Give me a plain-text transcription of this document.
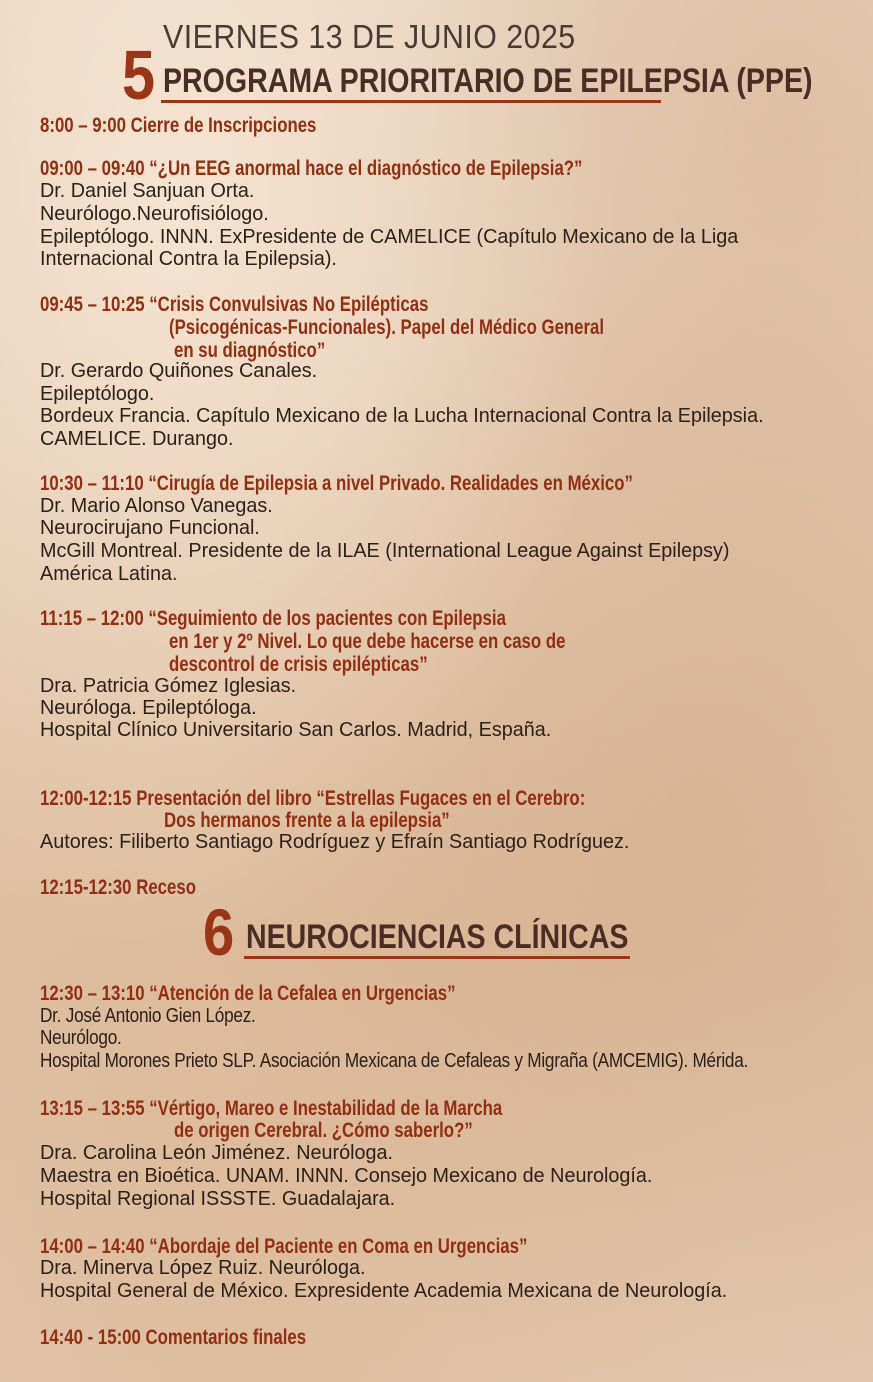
VIERNES 13 DE JUNIO 2025
5 PROGRAMA PRIORITARIO DE EPILEPSIA (PPE)
8:00 – 9:00 Cierre de Inscripciones
09:00 – 09:40 “¿Un EEG anormal hace el diagnóstico de Epilepsia?”
Dr. Daniel Sanjuan Orta.
Neurólogo.Neurofisiólogo.
Epileptólogo. INNN. ExPresidente de CAMELICE (Capítulo Mexicano de la Liga
Internacional Contra la Epilepsia).
09:45 – 10:25 “Crisis Convulsivas No Epilépticas
(Psicogénicas-Funcionales). Papel del Médico General
en su diagnóstico”
Dr. Gerardo Quiñones Canales.
Epileptólogo.
Bordeux Francia. Capítulo Mexicano de la Lucha Internacional Contra la Epilepsia.
CAMELICE. Durango.
10:30 – 11:10 “Cirugía de Epilepsia a nivel Privado. Realidades en México”
Dr. Mario Alonso Vanegas.
Neurocirujano Funcional.
McGill Montreal. Presidente de la ILAE (International League Against Epilepsy)
América Latina.
11:15 – 12:00 “Seguimiento de los pacientes con Epilepsia
en 1er y 2º Nivel. Lo que debe hacerse en caso de
descontrol de crisis epilépticas”
Dra. Patricia Gómez Iglesias.
Neuróloga. Epileptóloga.
Hospital Clínico Universitario San Carlos. Madrid, España.
12:00-12:15 Presentación del libro “Estrellas Fugaces en el Cerebro:
Dos hermanos frente a la epilepsia”
Autores: Filiberto Santiago Rodríguez y Efraín Santiago Rodríguez.
12:15-12:30 Receso
6 NEUROCIENCIAS CLÍNICAS
12:30 – 13:10 “Atención de la Cefalea en Urgencias”
Dr. José Antonio Gien López.
Neurólogo.
Hospital Morones Prieto SLP. Asociación Mexicana de Cefaleas y Migraña (AMCEMIG). Mérida.
13:15 – 13:55 “Vértigo, Mareo e Inestabilidad de la Marcha
de origen Cerebral. ¿Cómo saberlo?”
Dra. Carolina León Jiménez. Neuróloga.
Maestra en Bioética. UNAM. INNN. Consejo Mexicano de Neurología.
Hospital Regional ISSSTE. Guadalajara.
14:00 – 14:40 “Abordaje del Paciente en Coma en Urgencias”
Dra. Minerva López Ruiz. Neuróloga.
Hospital General de México. Expresidente Academia Mexicana de Neurología.
14:40 - 15:00 Comentarios finales
